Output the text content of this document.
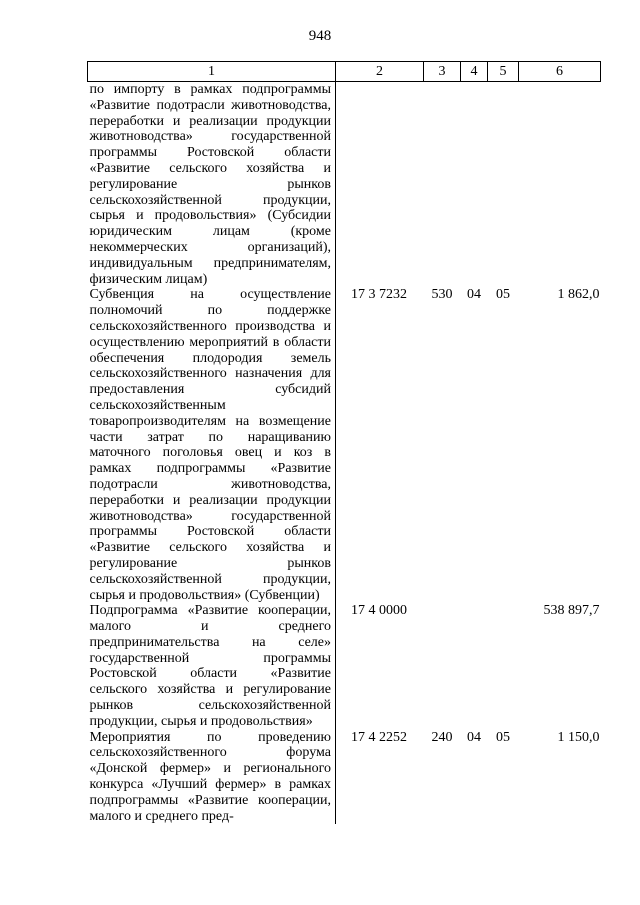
948
1	2	3	4	5	6
по импорту в рамках подпрограммы «Развитие подотрасли животноводства, переработки и реализации продукции животноводства» государственной программы Ростовской области «Развитие сельского хозяйства и регулирование рынков сельскохозяйственной продукции, сырья и продовольствия» (Субсидии юридическим лицам (кроме некоммерческих организаций), индивидуальным предпринимателям, физическим лицам)					
Субвенция на осуществление полномочий по поддержке сельскохозяйственного производства и осуществлению мероприятий в области обеспечения плодородия земель сельскохозяйственного назначения для предоставления субсидий сельскохозяйственным товаропроизводителям на возмещение части затрат по наращиванию маточного поголовья овец и коз в рамках подпрограммы «Развитие подотрасли животноводства, переработки и реализации продукции животноводства» государственной программы Ростовской области «Развитие сельского хозяйства и регулирование рынков сельскохозяйственной продукции, сырья и продовольствия» (Субвенции)	17 3 7232	530	04	05	1 862,0
Подпрограмма «Развитие кооперации, малого и среднего предпринимательства на селе» государственной программы Ростовской области «Развитие сельского хозяйства и регулирование рынков сельскохозяйственной продукции, сырья и продовольствия»	17 4 0000				538 897,7
Мероприятия по проведению сельскохозяйственного форума «Донской фермер» и регионального конкурса «Лучший фермер» в рамках подпрограммы «Развитие кооперации, малого и среднего пред-	17 4 2252	240	04	05	1 150,0
